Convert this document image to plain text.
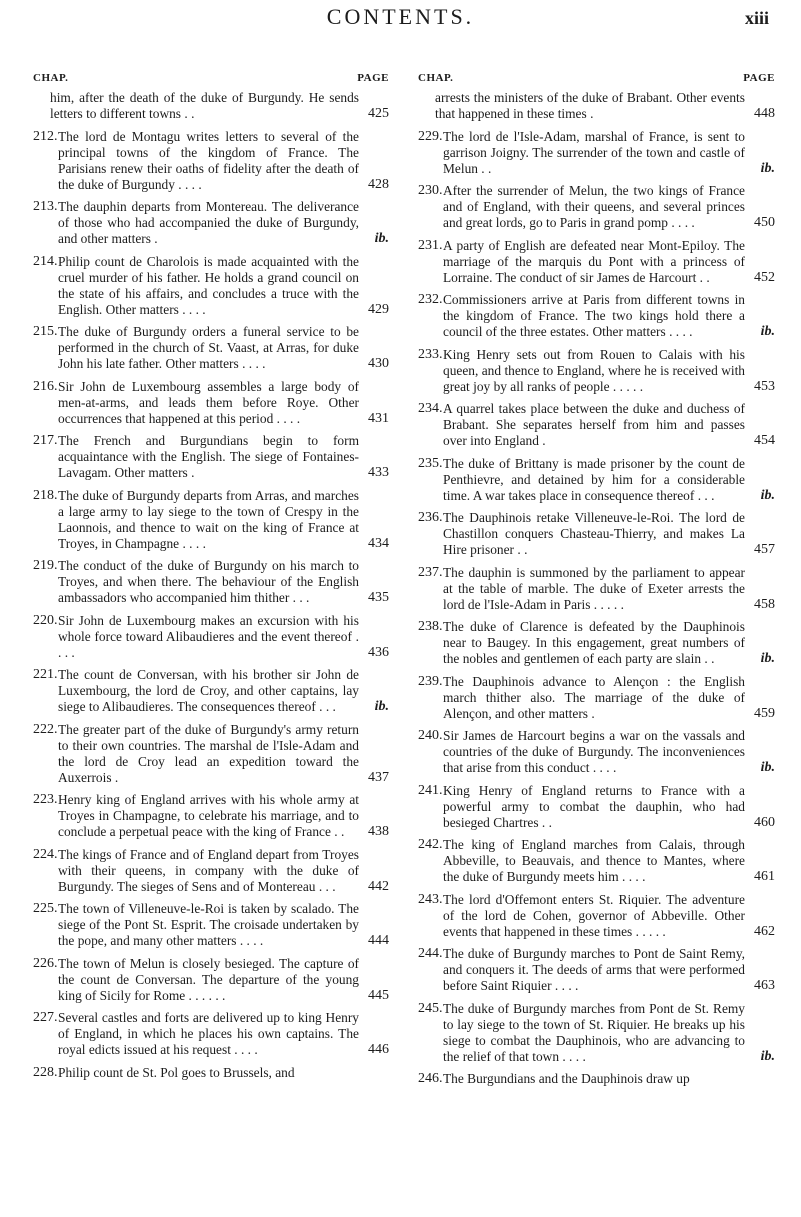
CONTENTS.	xiii
CHAP.	PAGE
him, after the death of the duke of Burgundy. He sends letters to different towns . .	425
212. The lord de Montagu writes letters to several of the principal towns of the kingdom of France. The Parisians renew their oaths of fidelity after the death of the duke of Burgundy . . . .	428
213. The dauphin departs from Montereau. The deliverance of those who had accompanied the duke of Burgundy, and other matters .	ib.
214. Philip count de Charolois is made acquainted with the cruel murder of his father. He holds a grand council on the state of his affairs, and concludes a truce with the English. Other matters . . . .	429
215. The duke of Burgundy orders a funeral service to be performed in the church of St. Vaast, at Arras, for duke John his late father. Other matters . . . .	430
216. Sir John de Luxembourg assembles a large body of men-at-arms, and leads them before Roye. Other occurrences that happened at this period . . . .	431
217. The French and Burgundians begin to form acquaintance with the English. The siege of Fontaines-Lavagam. Other matters .	433
218. The duke of Burgundy departs from Arras, and marches a large army to lay siege to the town of Crespy in the Laonnois, and thence to wait on the king of France at Troyes, in Champagne . . . .	434
219. The conduct of the duke of Burgundy on his march to Troyes, and when there. The behaviour of the English ambassadors who accompanied him thither . . .	435
220. Sir John de Luxembourg makes an excursion with his whole force toward Alibaudieres and the event thereof . . . .	436
221. The count de Conversan, with his brother sir John de Luxembourg, the lord de Croy, and other captains, lay siege to Alibaudieres. The consequences thereof . . .	ib.
222. The greater part of the duke of Burgundy's army return to their own countries. The marshal de l'Isle-Adam and the lord de Croy lead an expedition toward the Auxerrois .	437
223. Henry king of England arrives with his whole army at Troyes in Champagne, to celebrate his marriage, and to conclude a perpetual peace with the king of France . .	438
224. The kings of France and of England depart from Troyes with their queens, in company with the duke of Burgundy. The sieges of Sens and of Montereau . . .	442
225. The town of Villeneuve-le-Roi is taken by scalado. The siege of the Pont St. Esprit. The croisade undertaken by the pope, and many other matters . . . .	444
226. The town of Melun is closely besieged. The capture of the count de Conversan. The departure of the young king of Sicily for Rome . . . . . .	445
227. Several castles and forts are delivered up to king Henry of England, in which he places his own captains. The royal edicts issued at his request . . . .	446
228. Philip count de St. Pol goes to Brussels, and
CHAP.	PAGE
arrests the ministers of the duke of Brabant. Other events that happened in these times .	448
229. The lord de l'Isle-Adam, marshal of France, is sent to garrison Joigny. The surrender of the town and castle of Melun . .	ib.
230. After the surrender of Melun, the two kings of France and of England, with their queens, and several princes and great lords, go to Paris in grand pomp . . . .	450
231. A party of English are defeated near Mont-Epiloy. The marriage of the marquis du Pont with a princess of Lorraine. The conduct of sir James de Harcourt . .	452
232. Commissioners arrive at Paris from different towns in the kingdom of France. The two kings hold there a council of the three estates. Other matters . . . .	ib.
233. King Henry sets out from Rouen to Calais with his queen, and thence to England, where he is received with great joy by all ranks of people . . . . .	453
234. A quarrel takes place between the duke and duchess of Brabant. She separates herself from him and passes over into England .	454
235. The duke of Brittany is made prisoner by the count de Penthievre, and detained by him for a considerable time. A war takes place in consequence thereof . . .	ib.
236. The Dauphinois retake Villeneuve-le-Roi. The lord de Chastillon conquers Chasteau-Thierry, and makes La Hire prisoner . .	457
237. The dauphin is summoned by the parliament to appear at the table of marble. The duke of Exeter arrests the lord de l'Isle-Adam in Paris . . . . .	458
238. The duke of Clarence is defeated by the Dauphinois near to Baugey. In this engagement, great numbers of the nobles and gentlemen of each party are slain . .	ib.
239. The Dauphinois advance to Alençon : the English march thither also. The marriage of the duke of Alençon, and other matters .	459
240. Sir James de Harcourt begins a war on the vassals and countries of the duke of Burgundy. The inconveniences that arise from this conduct . . . .	ib.
241. King Henry of England returns to France with a powerful army to combat the dauphin, who had besieged Chartres . .	460
242. The king of England marches from Calais, through Abbeville, to Beauvais, and thence to Mantes, where the duke of Burgundy meets him . . . .	461
243. The lord d'Offemont enters St. Riquier. The adventure of the lord de Cohen, governor of Abbeville. Other events that happened in these times . . . . .	462
244. The duke of Burgundy marches to Pont de Saint Remy, and conquers it. The deeds of arms that were performed before Saint Riquier . . . .	463
245. The duke of Burgundy marches from Pont de St. Remy to lay siege to the town of St. Riquier. He breaks up his siege to combat the Dauphinois, who are advancing to the relief of that town . . . .	ib.
246. The Burgundians and the Dauphinois draw up
